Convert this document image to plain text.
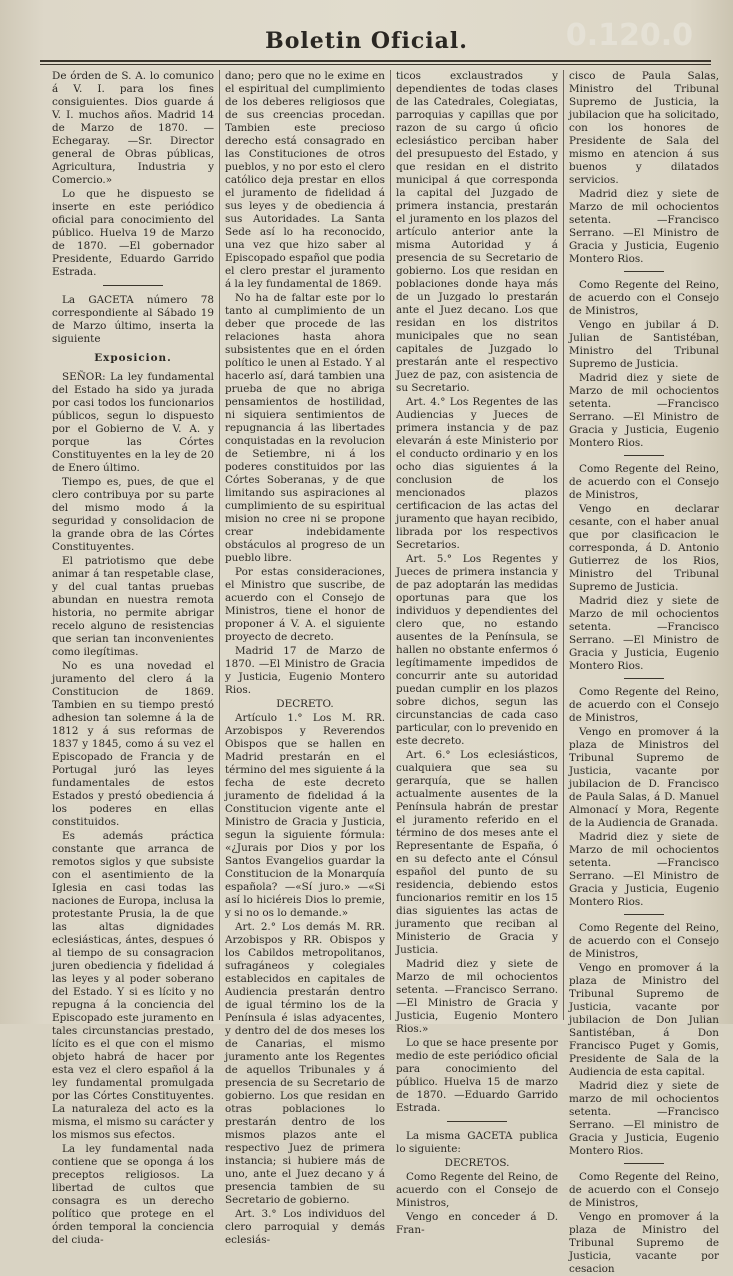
0.120.0
Boletin Oficial.

De órden de S. A. lo comunico á V. I. para los fines consiguientes. Dios guarde á V. I. muchos años. Madrid 14 de Marzo de 1870. —Echegaray. —Sr. Director general de Obras públicas, Agricultura, Industria y Comercio.»

Lo que he dispuesto se inserte en este periódico oficial para conocimiento del público. Huelva 19 de Marzo de 1870. —El gobernador Presidente, Eduardo Garrido Estrada.

La GACETA número 78 correspondiente al Sábado 19 de Marzo último, inserta la siguiente

Exposicion.

SEÑOR: La ley fundamental del Estado ha sido ya jurada por casi todos los funcionarios públicos, segun lo dispuesto por el Gobierno de V. A. y porque las Córtes Constituyentes en la ley de 20 de Enero último.

Tiempo es, pues, de que el clero contribuya por su parte del mismo modo á la seguridad y consolidacion de la grande obra de las Córtes Constituyentes.

El patriotismo que debe animar á tan respetable clase, y del cual tantas pruebas abundan en nuestra remota historia, no permite abrigar recelo alguno de resistencias que serian tan inconvenientes como ilegítimas.

No es una novedad el juramento del clero á la Constitucion de 1869. Tambien en su tiempo prestó adhesion tan solemne á la de 1812 y á sus reformas de 1837 y 1845, como á su vez el Episcopado de Francia y de Portugal juró las leyes fundamentales de estos Estados y prestó obediencia á los poderes en ellas constituidos.

Es además práctica constante que arranca de remotos siglos y que subsiste con el asentimiento de la Iglesia en casi todas las naciones de Europa, inclusa la protestante Prusia, la de que las altas dignidades eclesiásticas, ántes, despues ó al tiempo de su consagracion juren obediencia y fidelidad á las leyes y al poder soberano del Estado. Y si es lícito y no repugna á la conciencia del Episcopado este juramento en tales circunstancias prestado, lícito es el que con el mismo objeto habrá de hacer por esta vez el clero español á la ley fundamental promulgada por las Córtes Constituyentes. La naturaleza del acto es la misma, el mismo su carácter y los mismos sus efectos.

La ley fundamental nada contiene que se oponga á los preceptos religiosos. La libertad de cultos que consagra es un derecho político que protege en el órden temporal la conciencia del ciuda-

dano; pero que no le exime en el espiritual del cumplimiento de los deberes religiosos que de sus creencias procedan. Tambien este precioso derecho está consagrado en las Constituciones de otros pueblos, y no por esto el clero católico deja prestar en ellos el juramento de fidelidad á sus leyes y de obediencia á sus Autoridades. La Santa Sede así lo ha reconocido, una vez que hizo saber al Episcopado español que podia el clero prestar el juramento á la ley fundamental de 1869.

No ha de faltar este por lo tanto al cumplimiento de un deber que procede de las relaciones hasta ahora subsistentes que en el órden político le unen al Estado. Y al hacerlo así, dará tambien una prueba de que no abriga pensamientos de hostilidad, ni siquiera sentimientos de repugnancia á las libertades conquistadas en la revolucion de Setiembre, ni á los poderes constituidos por las Córtes Soberanas, y de que limitando sus aspiraciones al cumplimiento de su espiritual mision no cree ni se propone crear indebidamente obstáculos al progreso de un pueblo libre.

Por estas consideraciones, el Ministro que suscribe, de acuerdo con el Consejo de Ministros, tiene el honor de proponer á V. A. el siguiente proyecto de decreto.

Madrid 17 de Marzo de 1870. —El Ministro de Gracia y Justicia, Eugenio Montero Rios.

DECRETO.

Artículo 1.° Los M. RR. Arzobispos y Reverendos Obispos que se hallen en Madrid prestarán en el término del mes siguiente á la fecha de este decreto juramento de fidelidad á la Constitucion vigente ante el Ministro de Gracia y Justicia, segun la siguiente fórmula: «¿Jurais por Dios y por los Santos Evangelios guardar la Constitucion de la Monarquía española? —«Sí juro.» —«Si así lo hiciéreis Dios lo premie, y si no os lo demande.»

Art. 2.° Los demás M. RR. Arzobispos y RR. Obispos y los Cabildos metropolitanos, sufragáneos y colegiales establecidos en capitales de Audiencia prestarán dentro de igual término los de la Península é islas adyacentes, y dentro del de dos meses los de Canarias, el mismo juramento ante los Regentes de aquellos Tribunales y á presencia de su Secretario de gobierno. Los que residan en otras poblaciones lo prestarán dentro de los mismos plazos ante el respectivo Juez de primera instancia; si hubiere más de uno, ante el Juez decano y á presencia tambien de su Secretario de gobierno.

Art. 3.° Los individuos del clero parroquial y demás eclesiás-

ticos exclaustrados y dependientes de todas clases de las Catedrales, Colegiatas, parroquias y capillas que por razon de su cargo ú oficio eclesiástico perciban haber del presupuesto del Estado, y que residan en el distrito municipal á que corresponda la capital del Juzgado de primera instancia, prestarán el juramento en los plazos del artículo anterior ante la misma Autoridad y á presencia de su Secretario de gobierno. Los que residan en poblaciones donde haya más de un Juzgado lo prestarán ante el Juez decano. Los que residan en los distritos municipales que no sean capitales de Juzgado lo prestarán ante el respectivo Juez de paz, con asistencia de su Secretario.

Art. 4.° Los Regentes de las Audiencias y Jueces de primera instancia y de paz elevarán á este Ministerio por el conducto ordinario y en los ocho dias siguientes á la conclusion de los mencionados plazos certificacion de las actas del juramento que hayan recibido, librada por los respectivos Secretarios.

Art. 5.° Los Regentes y Jueces de primera instancia y de paz adoptarán las medidas oportunas para que los individuos y dependientes del clero que, no estando ausentes de la Península, se hallen no obstante enfermos ó legítimamente impedidos de concurrir ante su autoridad puedan cumplir en los plazos sobre dichos, segun las circunstancias de cada caso particular, con lo prevenido en este decreto.

Art. 6.° Los eclesiásticos, cualquiera que sea su gerarquía, que se hallen actualmente ausentes de la Península habrán de prestar el juramento referido en el término de dos meses ante el Representante de España, ó en su defecto ante el Cónsul español del punto de su residencia, debiendo estos funcionarios remitir en los 15 dias siguientes las actas de juramento que reciban al Ministerio de Gracia y Justicia.

Madrid diez y siete de Marzo de mil ochocientos setenta. —Francisco Serrano. —El Ministro de Gracia y Justicia, Eugenio Montero Rios.»

Lo que se hace presente por medio de este periódico oficial para conocimiento del público. Huelva 15 de marzo de 1870. —Eduardo Garrido Estrada.

La misma GACETA publica lo siguiente:

DECRETOS.

Como Regente del Reino, de acuerdo con el Consejo de Ministros,

Vengo en conceder á D. Fran-

cisco de Paula Salas, Ministro del Tribunal Supremo de Justicia, la jubilacion que ha solicitado, con los honores de Presidente de Sala del mismo en atencion á sus buenos y dilatados servicios.

Madrid diez y siete de Marzo de mil ochocientos setenta. —Francisco Serrano. —El Ministro de Gracia y Justicia, Eugenio Montero Rios.

Como Regente del Reino, de acuerdo con el Consejo de Ministros,

Vengo en jubilar á D. Julian de Santistéban, Ministro del Tribunal Supremo de Justicia.

Madrid diez y siete de Marzo de mil ochocientos setenta. —Francisco Serrano. —El Ministro de Gracia y Justicia, Eugenio Montero Rios.

Como Regente del Reino, de acuerdo con el Consejo de Ministros,

Vengo en declarar cesante, con el haber anual que por clasificacion le corresponda, á D. Antonio Gutierrez de los Rios, Ministro del Tribunal Supremo de Justicia.

Madrid diez y siete de Marzo de mil ochocientos setenta. —Francisco Serrano. —El Ministro de Gracia y Justicia, Eugenio Montero Rios.

Como Regente del Reino, de acuerdo con el Consejo de Ministros,

Vengo en promover á la plaza de Ministros del Tribunal Supremo de Justicia, vacante por jubilacion de D. Francisco de Paula Salas, á D. Manuel Almonací y Mora, Regente de la Audiencia de Granada.

Madrid diez y siete de Marzo de mil ochocientos setenta. —Francisco Serrano. —El Ministro de Gracia y Justicia, Eugenio Montero Rios.

Como Regente del Reino, de acuerdo con el Consejo de Ministros,

Vengo en promover á la plaza de Ministro del Tribunal Supremo de Justicia, vacante por jubilacion de Don Julian Santistéban, á Don Francisco Puget y Gomis, Presidente de Sala de la Audiencia de esta capital.

Madrid diez y siete de marzo de mil ochocientos setenta. —Francisco Serrano. —El ministro de Gracia y Justicia, Eugenio Montero Rios.

Como Regente del Reino, de acuerdo con el Consejo de Ministros,

Vengo en promover á la plaza de Ministro del Tribunal Supremo de Justicia, vacante por cesacion
